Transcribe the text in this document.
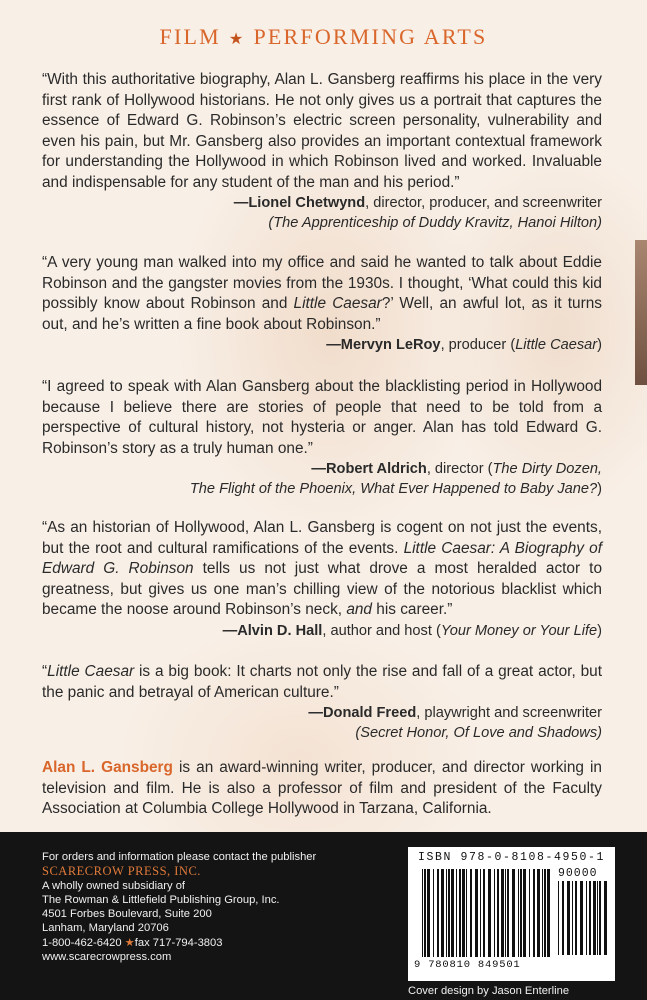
FILM ★ PERFORMING ARTS

“With this authoritative biography, Alan L. Gansberg reaffirms his place in the very first rank of Hollywood historians. He not only gives us a portrait that captures the essence of Edward G. Robinson’s electric screen personality, vulnerability and even his pain, but Mr. Gansberg also provides an important contextual framework for understanding the Hollywood in which Robinson lived and worked. Invaluable and indispensable for any student of the man and his period.”

—Lionel Chetwynd, director, producer, and screenwriter
(The Apprenticeship of Duddy Kravitz, Hanoi Hilton)

“A very young man walked into my office and said he wanted to talk about Eddie Robinson and the gangster movies from the 1930s. I thought, ‘What could this kid possibly know about Robinson and Little Caesar?’ Well, an awful lot, as it turns out, and he’s written a fine book about Robinson.”

—Mervyn LeRoy, producer (Little Caesar)

“I agreed to speak with Alan Gansberg about the blacklisting period in Hollywood because I believe there are stories of people that need to be told from a perspective of cultural history, not hysteria or anger. Alan has told Edward G. Robinson’s story as a truly human one.”

—Robert Aldrich, director (The Dirty Dozen,
The Flight of the Phoenix, What Ever Happened to Baby Jane?)

“As an historian of Hollywood, Alan L. Gansberg is cogent on not just the events, but the root and cultural ramifications of the events. Little Caesar: A Biography of Edward G. Robinson tells us not just what drove a most heralded actor to greatness, but gives us one man’s chilling view of the notorious blacklist which became the noose around Robinson’s neck, and his career.”

—Alvin D. Hall, author and host (Your Money or Your Life)

“Little Caesar is a big book: It charts not only the rise and fall of a great actor, but the panic and betrayal of American culture.”

—Donald Freed, playwright and screenwriter
(Secret Honor, Of Love and Shadows)
Alan L. Gansberg is an award-winning writer, producer, and director working in television and film. He is also a professor of film and president of the Faculty Association at Columbia College Hollywood in Tarzana, California.
For orders and information please contact the publisher
SCARECROW PRESS, INC.
A wholly owned subsidiary of
The Rowman & Littlefield Publishing Group, Inc.
4501 Forbes Boulevard, Suite 200
Lanham, Maryland 20706
1-800-462-6420 ★fax 717-794-3803
www.scarecrowpress.com
ISBN 978-0-8108-4950-1
90000
9 780810 849501
Cover design by Jason Enterline
